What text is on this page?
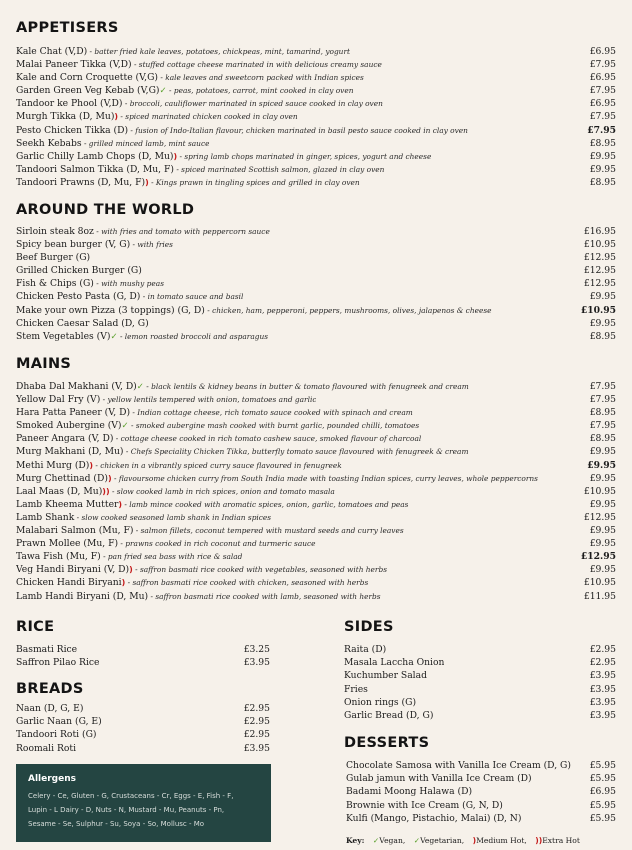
APPETISERS
Kale Chat (V,D) - batter fried kale leaves, potatoes, chickpeas, mint, tamarind, yogurt	£6.95
Malai Paneer Tikka (V,D) - stuffed cottage cheese marinated in with delicious creamy sauce	£7.95
Kale and Corn Croquette (V,G) - kale leaves and sweetcorn packed with Indian spices	£6.95
Garden Green Veg Kebab (V,G)✓ - peas, potatoes, carrot, mint cooked in clay oven	£7.95
Tandoor ke Phool (V,D) - broccoli, cauliflower marinated in spiced sauce cooked in clay oven	£6.95
Murgh Tikka (D, Mu)) - spiced marinated chicken cooked in clay oven	£7.95
Pesto Chicken Tikka (D) - fusion of Indo-Italian flavour, chicken marinated in basil pesto sauce cooked in clay oven	£7.95
Seekh Kebabs - grilled minced lamb, mint sauce	£8.95
Garlic Chilly Lamb Chops (D, Mu)) - spring lamb chops marinated in ginger, spices, yogurt and cheese	£9.95
Tandoori Salmon Tikka (D, Mu, F) - spiced marinated Scottish salmon, glazed in clay oven	£9.95
Tandoori Prawns (D, Mu, F)) - Kings prawn in tingling spices and grilled in clay oven	£8.95
AROUND THE WORLD
Sirloin steak 8oz - with fries and tomato with peppercorn sauce	£16.95
Spicy bean burger (V, G) - with fries	£10.95
Beef Burger (G)	£12.95
Grilled Chicken Burger (G)	£12.95
Fish & Chips (G) - with mushy peas	£12.95
Chicken Pesto Pasta (G, D) - in tomato sauce and basil	£9.95
Make your own Pizza (3 toppings) (G, D) - chicken, ham, pepperoni, peppers, mushrooms, olives, jalapenos & cheese	£10.95
Chicken Caesar Salad (D, G)	£9.95
Stem Vegetables (V)✓ - lemon roasted broccoli and asparagus	£8.95
MAINS
Dhaba Dal Makhani (V, D)✓ - black lentils & kidney beans in butter & tomato flavoured with fenugreek and cream	£7.95
Yellow Dal Fry (V) - yellow lentils tempered with onion, tomatoes and garlic	£7.95
Hara Patta Paneer (V, D) - Indian cottage cheese, rich tomato sauce cooked with spinach and cream	£8.95
Smoked Aubergine (V)✓ - smoked aubergine mash cooked with burnt garlic, pounded chilli, tomatoes	£7.95
Paneer Angara (V, D) - cottage cheese cooked in rich tomato cashew sauce, smoked flavour of charcoal	£8.95
Murg Makhani (D, Mu) - Chefs Speciality Chicken Tikka, butterfly tomato sauce flavoured with fenugreek & cream	£9.95
Methi Murg (D)) - chicken in a vibrantly spiced curry sauce flavoured in fenugreek	£9.95
Murg Chettinad (D)) - flavoursome chicken curry from South India made with toasting Indian spices, curry leaves, whole peppercorns	£9.95
Laal Maas (D, Mu))) - slow cooked lamb in rich spices, onion and tomato masala	£10.95
Lamb Kheema Mutter) - lamb mince cooked with aromatic spices, onion, garlic, tomatoes and peas	£9.95
Lamb Shank - slow cooked seasoned lamb shank in Indian spices	£12.95
Malabari Salmon (Mu, F) - salmon fillets, coconut tempered with mustard seeds and curry leaves	£9.95
Prawn Mollee (Mu, F) - prawns cooked in rich coconut and turmeric sauce	£9.95
Tawa Fish (Mu, F) - pan fried sea bass with rice & salad	£12.95
Veg Handi Biryani (V, D)) - saffron basmati rice cooked with vegetables, seasoned with herbs	£9.95
Chicken Handi Biryani) - saffron basmati rice cooked with chicken, seasoned with herbs	£10.95
Lamb Handi Biryani (D, Mu) - saffron basmati rice cooked with lamb, seasoned with herbs	£11.95
RICE
Basmati Rice	£3.25
Saffron Pilao Rice	£3.95
BREADS
Naan (D, G, E)	£2.95
Garlic Naan (G, E)	£2.95
Tandoori Roti (G)	£2.95
Roomali Roti	£3.95
SIDES
Raita (D)	£2.95
Masala Laccha Onion	£2.95
Kuchumber Salad	£3.95
Fries	£3.95
Onion rings (G)	£3.95
Garlic Bread (D, G)	£3.95
DESSERTS
Chocolate Samosa with Vanilla Ice Cream (D, G)	£5.95
Gulab jamun with Vanilla Ice Cream (D)	£5.95
Badami Moong Halawa (D)	£6.95
Brownie with Ice Cream (G, N, D)	£5.95
Kulfi (Mango, Pistachio, Malai) (D, N)	£5.95
Allergens
Celery - Ce, Gluten - G, Crustaceans - Cr, Eggs - E, Fish - F,
Lupin - L Dairy - D, Nuts - N, Mustard - Mu, Peanuts - Pn,
Sesame - Se, Sulphur - Su, Soya - So, Mollusc - Mo
Key: ✓Vegan, ✓Vegetarian, )Medium Hot, ))Extra Hot
